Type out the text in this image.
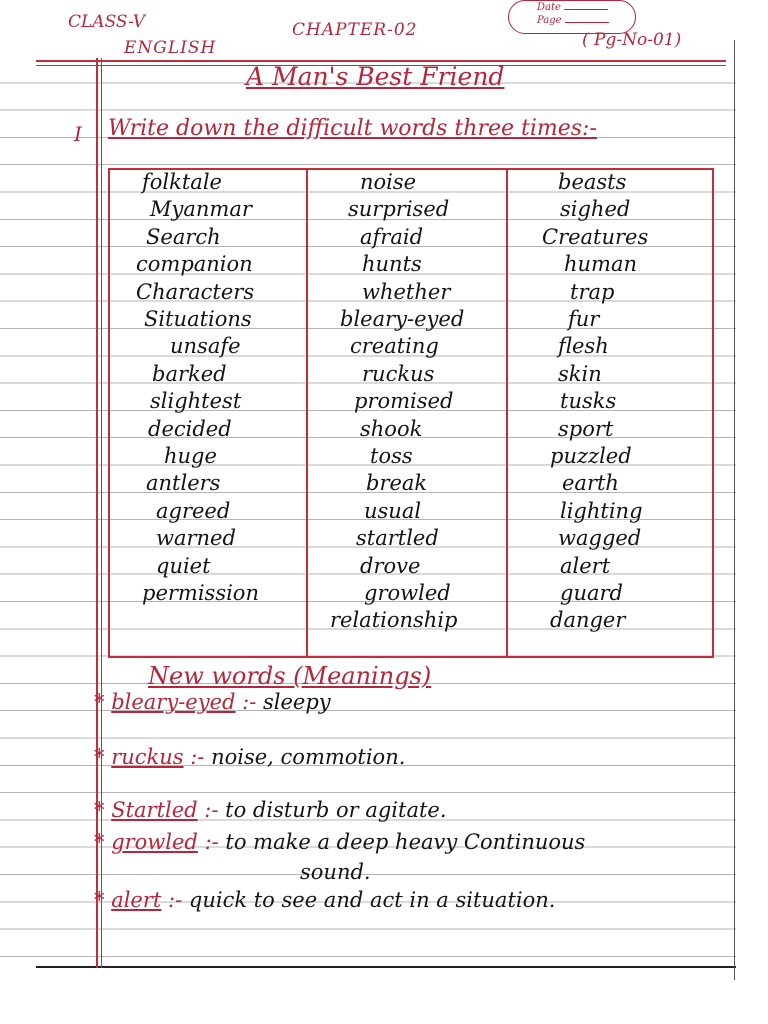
CLASS-V
ENGLISH
CHAPTER-02	( Pg-No-01)
Date
Page
A Man's Best Friend
I Write down the difficult words three times:-
folktale
Myanmar
Search
companion
Characters
Situations
unsafe
barked
slightest
decided
huge
antlers
agreed
warned
quiet
permission
noise
surprised
afraid
hunts
whether
bleary-eyed
creating
ruckus
promised
shook
toss
break
usual
startled
drove
growled
relationship
beasts
sighed
Creatures
human
trap
fur
flesh
skin
tusks
sport
puzzled
earth
lighting
wagged
alert
guard
danger
New words (Meanings)
* bleary-eyed :- sleepy
* ruckus :- noise, commotion.
* Startled :- to disturb or agitate.
* growled :- to make a deep heavy Continuous
sound.
* alert :- quick to see and act in a situation.
